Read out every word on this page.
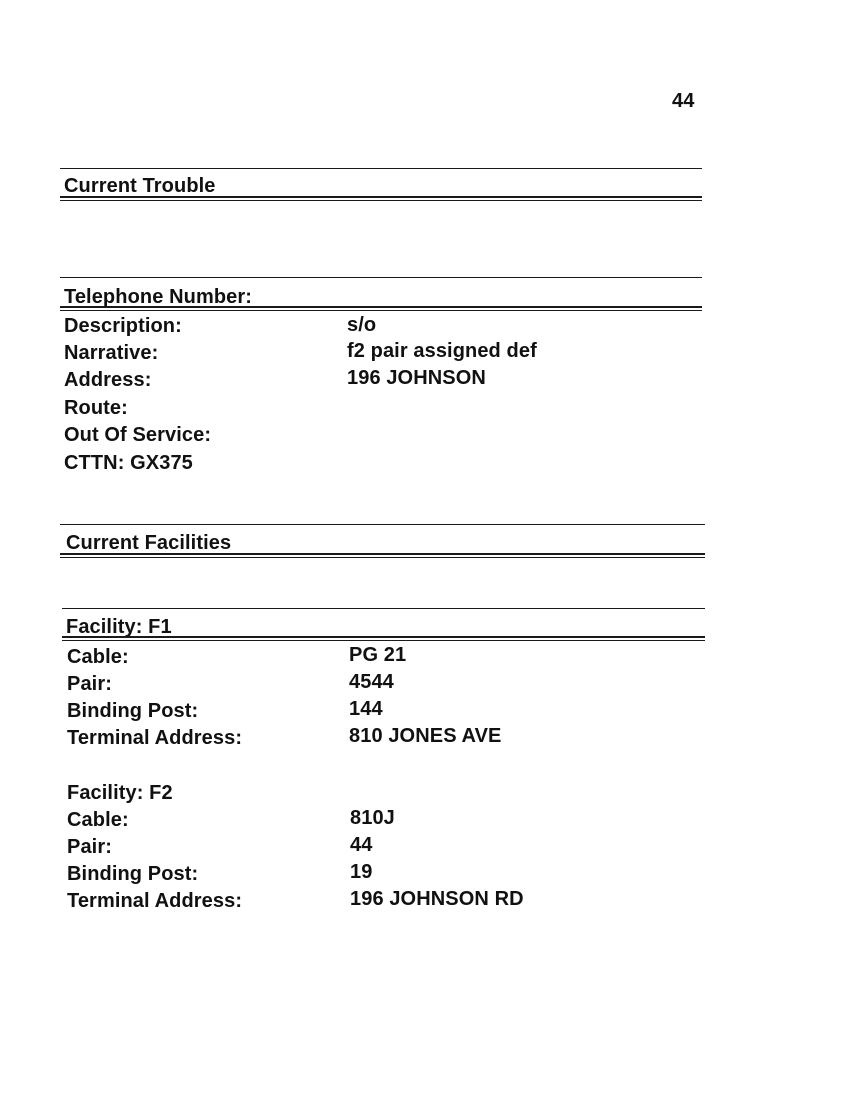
44
Current Trouble
Telephone Number:
Description:	s/o
Narrative:	f2 pair assigned def
Address:	196 JOHNSON
Route:
Out Of Service:
CTTN: GX375
Current Facilities
Facility: F1
Cable:	PG 21
Pair:	4544
Binding Post:	144
Terminal Address:	810 JONES AVE
Facility: F2
Cable:	810J
Pair:	44
Binding Post:	19
Terminal Address:	196 JOHNSON RD
